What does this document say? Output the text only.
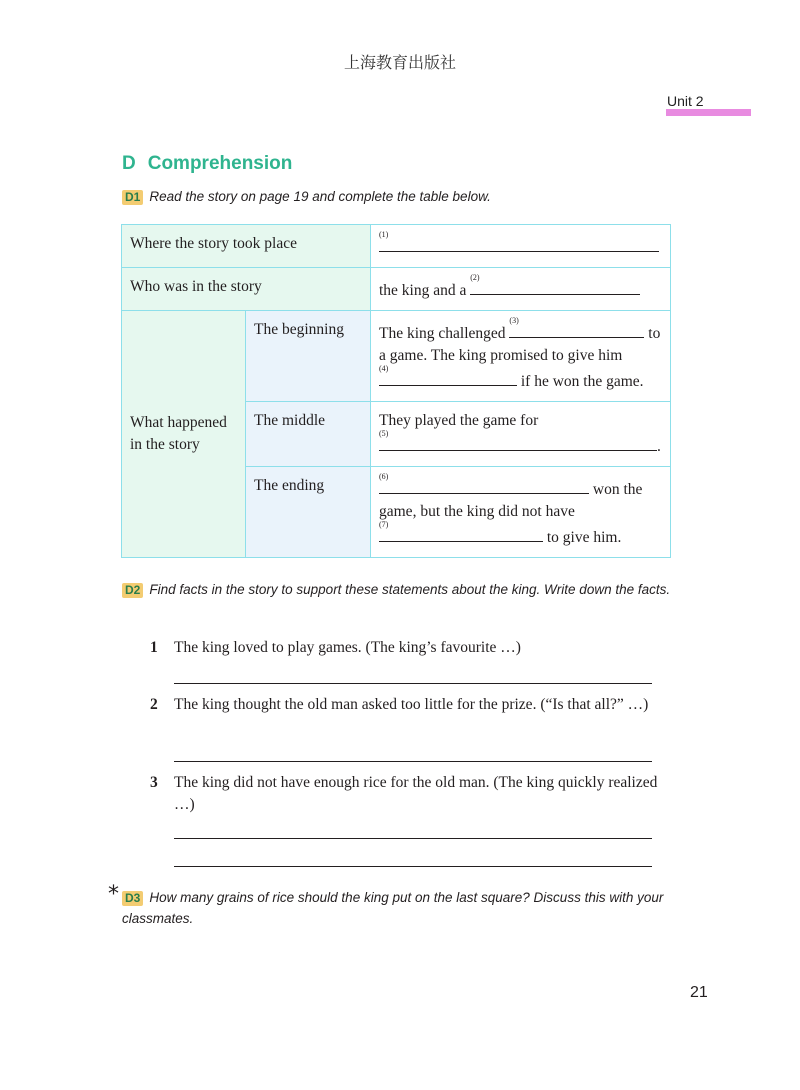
上海教育出版社
Unit 2
D Comprehension
D1 Read the story on page 19 and complete the table below.
Where the story took place		(1)

Who was in the story		the king and a
(2)

What happened in the story	The beginning	The king challenged
(3)
to a game. The king promised to give him
(4)
if he won the game.
	The middle	They played the game for

(5)
.
	The ending	(6)
won the game, but the king did not have
(7)
to give him.
D2 Find facts in the story to support these statements about the king. Write down the facts.
1 The king loved to play games. (The king’s favourite …)
2 The king thought the old man asked too little for the prize. (“Is that all?” …)
3 The king did not have enough rice for the old man. (The king quickly realized …)
* D3 How many grains of rice should the king put on the last square? Discuss this with your classmates.
21
